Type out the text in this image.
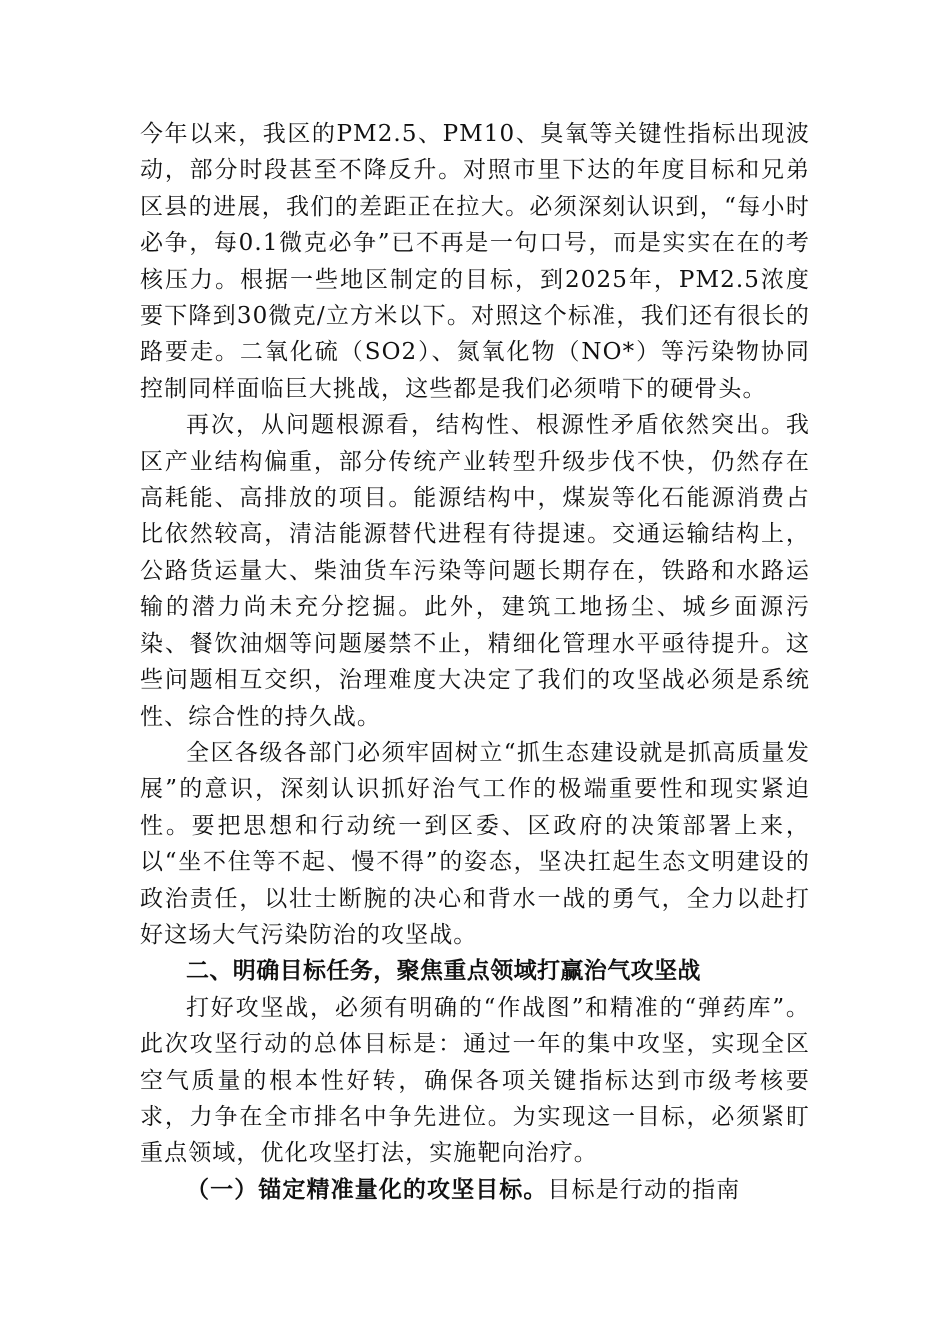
今年以来，我区的PM2.5、PM10、臭氧等关键性指标出现波动，部分时段甚至不降反升。对照市里下达的年度目标和兄弟区县的进展，我们的差距正在拉大。必须深刻认识到，“每小时必争，每0.1微克必争”已不再是一句口号，而是实实在在的考核压力。根据一些地区制定的目标，到2025年，PM2.5浓度要下降到30微克/立方米以下。对照这个标准，我们还有很长的路要走。二氧化硫（SO2）、氮氧化物（NO*）等污染物协同控制同样面临巨大挑战，这些都是我们必须啃下的硬骨头。

再次，从问题根源看，结构性、根源性矛盾依然突出。我区产业结构偏重，部分传统产业转型升级步伐不快，仍然存在高耗能、高排放的项目。能源结构中，煤炭等化石能源消费占比依然较高，清洁能源替代进程有待提速。交通运输结构上，公路货运量大、柴油货车污染等问题长期存在，铁路和水路运输的潜力尚未充分挖掘。此外，建筑工地扬尘、城乡面源污染、餐饮油烟等问题屡禁不止，精细化管理水平亟待提升。这些问题相互交织，治理难度大决定了我们的攻坚战必须是系统性、综合性的持久战。

全区各级各部门必须牢固树立“抓生态建设就是抓高质量发展”的意识，深刻认识抓好治气工作的极端重要性和现实紧迫性。要把思想和行动统一到区委、区政府的决策部署上来，以“坐不住等不起、慢不得”的姿态，坚决扛起生态文明建设的政治责任，以壮士断腕的决心和背水一战的勇气，全力以赴打好这场大气污染防治的攻坚战。

二、明确目标任务，聚焦重点领域打赢治气攻坚战

打好攻坚战，必须有明确的“作战图”和精准的“弹药库”。此次攻坚行动的总体目标是：通过一年的集中攻坚，实现全区空气质量的根本性好转，确保各项关键指标达到市级考核要求，力争在全市排名中争先进位。为实现这一目标，必须紧盯重点领域，优化攻坚打法，实施靶向治疗。

（一）锚定精准量化的攻坚目标。目标是行动的指南
